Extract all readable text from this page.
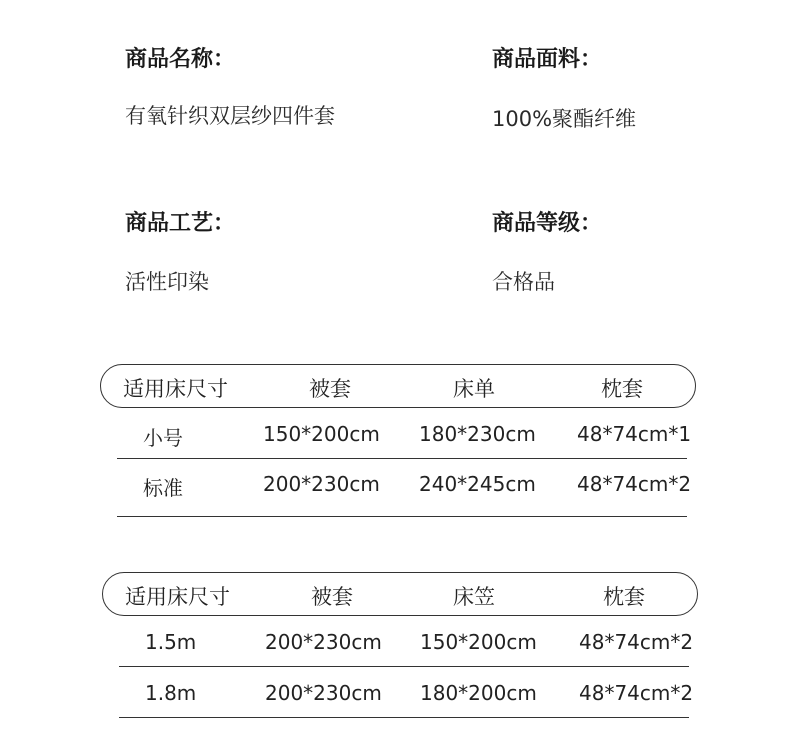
商品名称：
有氧针织双层纱四件套
商品面料：
100%聚酯纤维
商品工艺：
活性印染
商品等级：
合格品
适用床尺寸	被套	床单	枕套
小号	150*200cm 180*230cm 48*74cm*1
标准	200*230cm 240*245cm 48*74cm*2
适用床尺寸	被套	床笠	枕套
1.5m	200*230cm 150*200cm 48*74cm*2
1.8m	200*230cm 180*200cm 48*74cm*2
